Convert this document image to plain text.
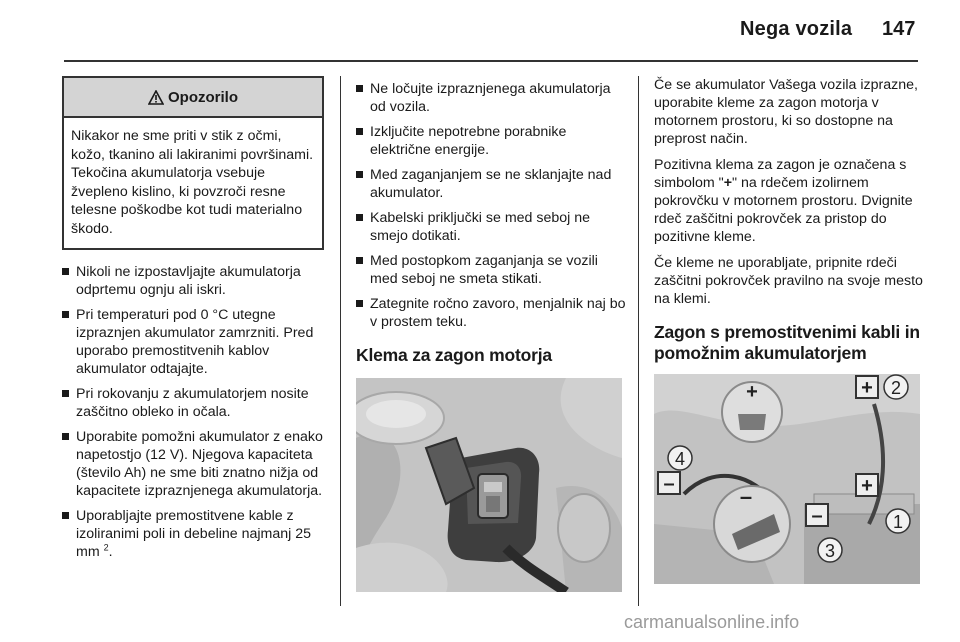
Nega vozila 147
Opozorilo
Nikakor ne sme priti v stik z očmi, kožo, tkanino ali lakiranimi površinami. Tekočina akumulatorja vsebuje žvepleno kislino, ki povzroči resne telesne poškodbe kot tudi materialno škodo.
Nikoli ne izpostavljajte akumulatorja odprtemu ognju ali iskri.
Pri temperaturi pod 0 °C utegne izpraznjen akumulator zamrzniti. Pred uporabo premostitvenih kablov akumulator odtajajte.
Pri rokovanju z akumulatorjem nosite zaščitno obleko in očala.
Uporabite pomožni akumulator z enako napetostjo (12 V). Njegova kapaciteta (število Ah) ne sme biti znatno nižja od kapacitete izpraznjenega akumulatorja.
Uporabljajte premostitvene kable z izoliranimi poli in debeline najmanj 25 mm $^2$.
Ne ločujte izpraznjenega akumulatorja od vozila.
Izključite nepotrebne porabnike električne energije.
Med zaganjanjem se ne sklanjajte nad akumulator.
Kabelski priključki se med seboj ne smejo dotikati.
Med postopkom zaganjanja se vozili med seboj ne smeta stikati.
Zategnite ročno zavoro, menjalnik naj bo v prostem teku.
Klema za zagon motorja

Če se akumulator Vašega vozila izprazne, uporabite kleme za zagon motorja v motornem prostoru, ki so dostopne na preprost način.

Pozitivna klema za zagon je označena s simbolom "+" na rdečem izolirnem pokrovčku v motornem prostoru. Dvignite rdeč zaščitni pokrovček za pristop do pozitivne kleme.

Če kleme ne uporabljate, pripnite rdeči zaščitni pokrovček pravilno na svoje mesto na klemi.

Zagon s premostitvenimi kabli in pomožnim akumulatorjem
+
–
+
+
–
–
2
1
3
4
carmanualsonline.info
